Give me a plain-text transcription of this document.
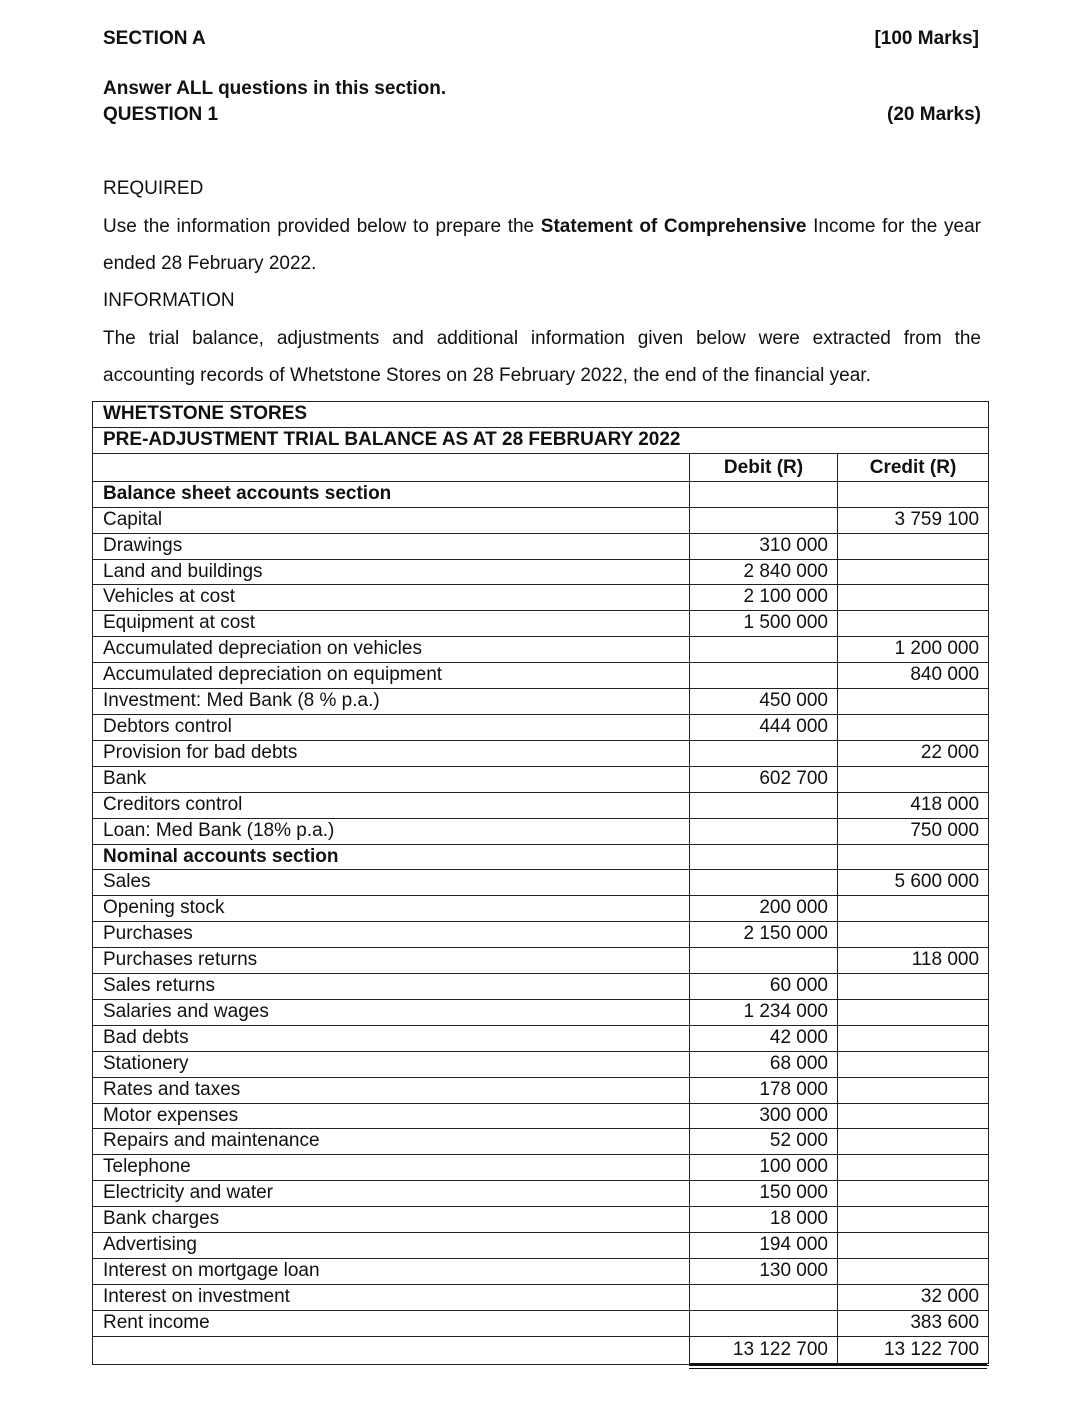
SECTION A	[100 Marks]
Answer ALL questions in this section.
QUESTION 1	(20 Marks)
REQUIRED
Use the information provided below to prepare the Statement of Comprehensive Income for the year ended 28 February 2022.
INFORMATION
The trial balance, adjustments and additional information given below were extracted from the accounting records of Whetstone Stores on 28 February 2022, the end of the financial year.
WHETSTONE STORES		
PRE-ADJUSTMENT TRIAL BALANCE AS AT 28 FEBRUARY 2022		
	Debit (R)	Credit (R)
Balance sheet accounts section		
Capital		3 759 100
Drawings	310 000	
Land and buildings	2 840 000	
Vehicles at cost	2 100 000	
Equipment at cost	1 500 000	
Accumulated depreciation on vehicles		1 200 000
Accumulated depreciation on equipment		840 000
Investment: Med Bank (8 % p.a.)	450 000	
Debtors control	444 000	
Provision for bad debts		22 000
Bank	602 700	
Creditors control		418 000
Loan: Med Bank (18% p.a.)		750 000
Nominal accounts section		
Sales		5 600 000
Opening stock	200 000	
Purchases	2 150 000	
Purchases returns		118 000
Sales returns	60 000	
Salaries and wages	1 234 000	
Bad debts	42 000	
Stationery	68 000	
Rates and taxes	178 000	
Motor expenses	300 000	
Repairs and maintenance	52 000	
Telephone	100 000	
Electricity and water	150 000	
Bank charges	18 000	
Advertising	194 000	
Interest on mortgage loan	130 000	
Interest on investment		32 000
Rent income		383 600
	13 122 700	13 122 700
